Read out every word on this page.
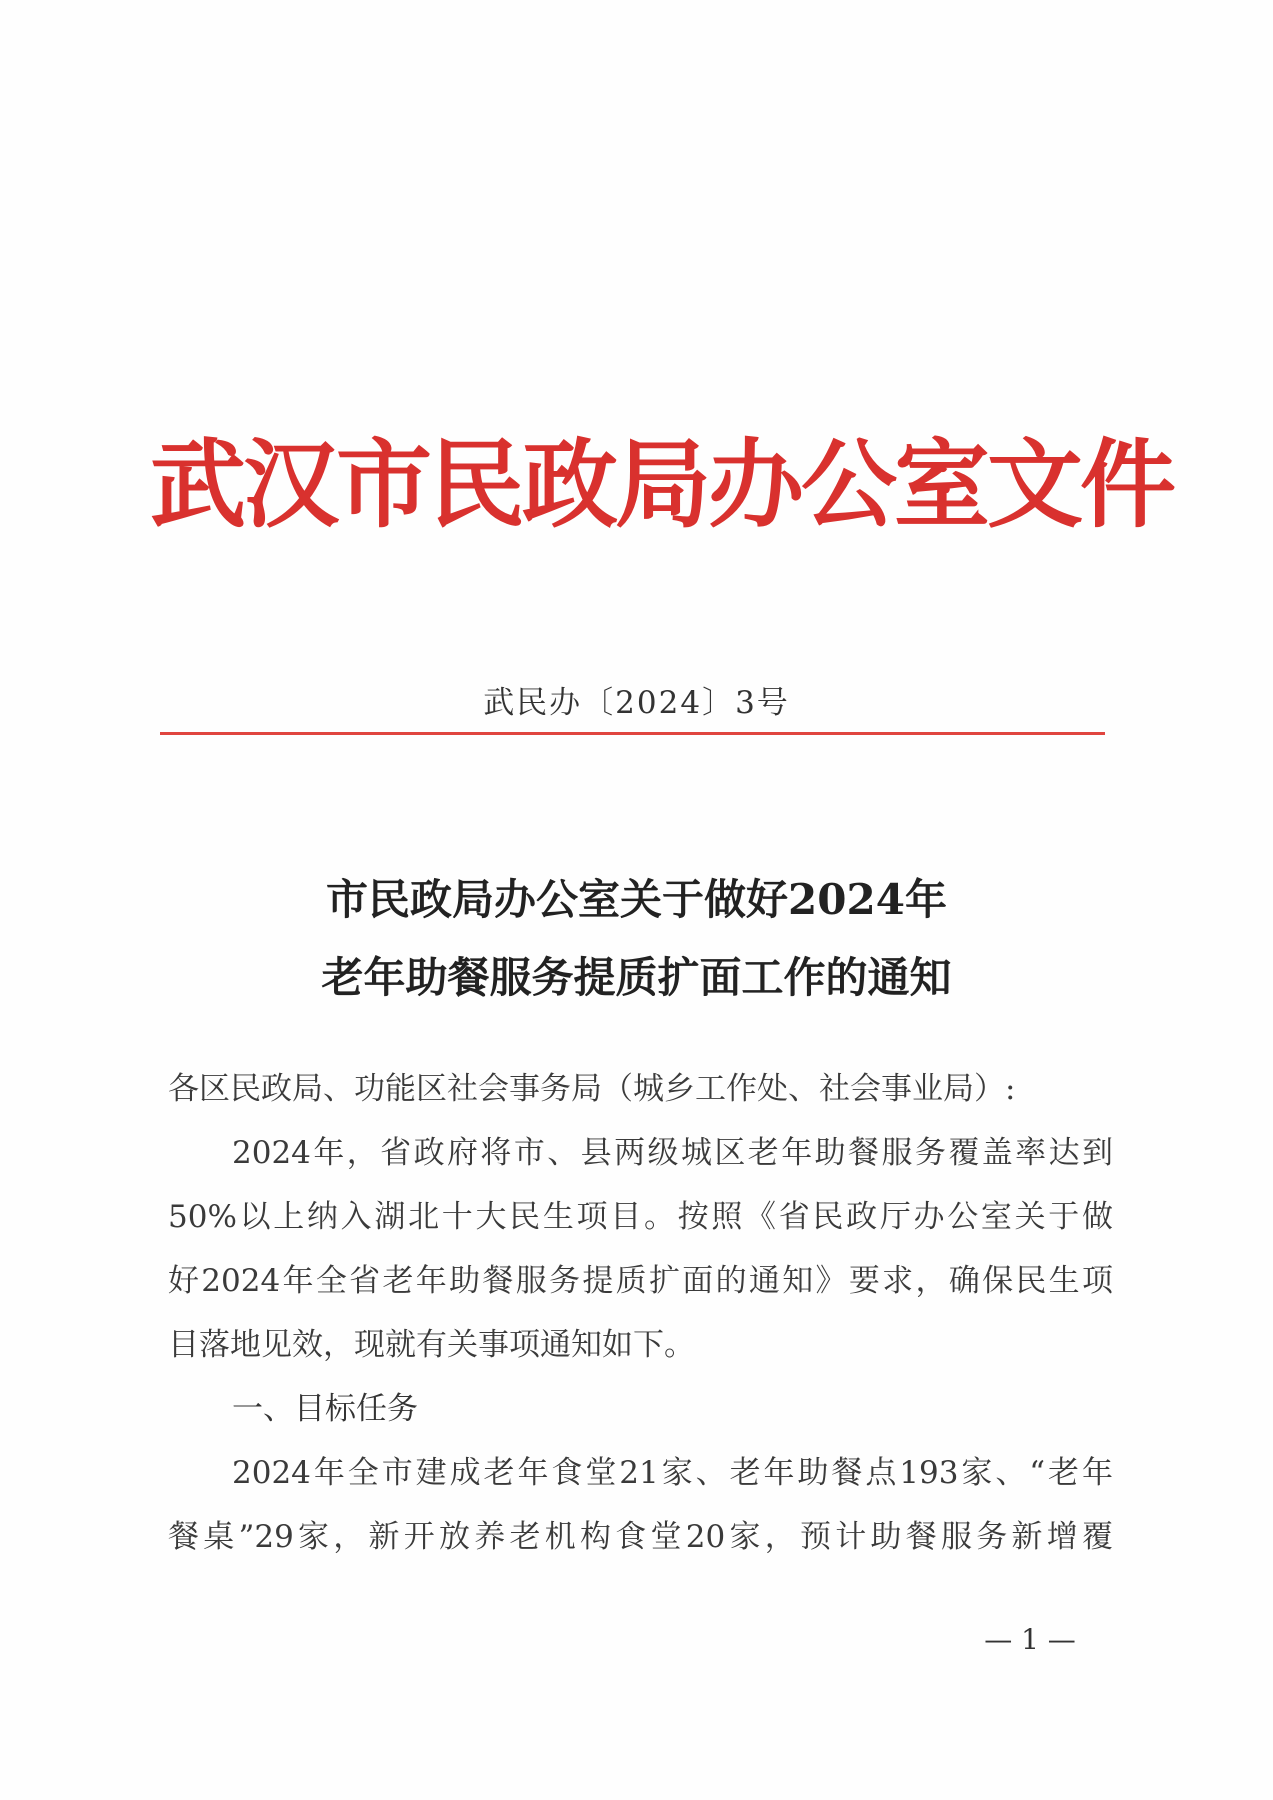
武汉市民政局办公室文件
武民办〔2024〕3号
市民政局办公室关于做好2024年
老年助餐服务提质扩面工作的通知
各区民政局、功能区社会事务局（城乡工作处、社会事业局）:
2024年，省政府将市、县两级城区老年助餐服务覆盖率达到
50%以上纳入湖北十大民生项目。按照《省民政厅办公室关于做
好2024年全省老年助餐服务提质扩面的通知》要求，确保民生项
目落地见效，现就有关事项通知如下。
一、目标任务
2024年全市建成老年食堂21家、老年助餐点193家、“老年
餐桌”29家，新开放养老机构食堂20家，预计助餐服务新增覆
— 1 —
